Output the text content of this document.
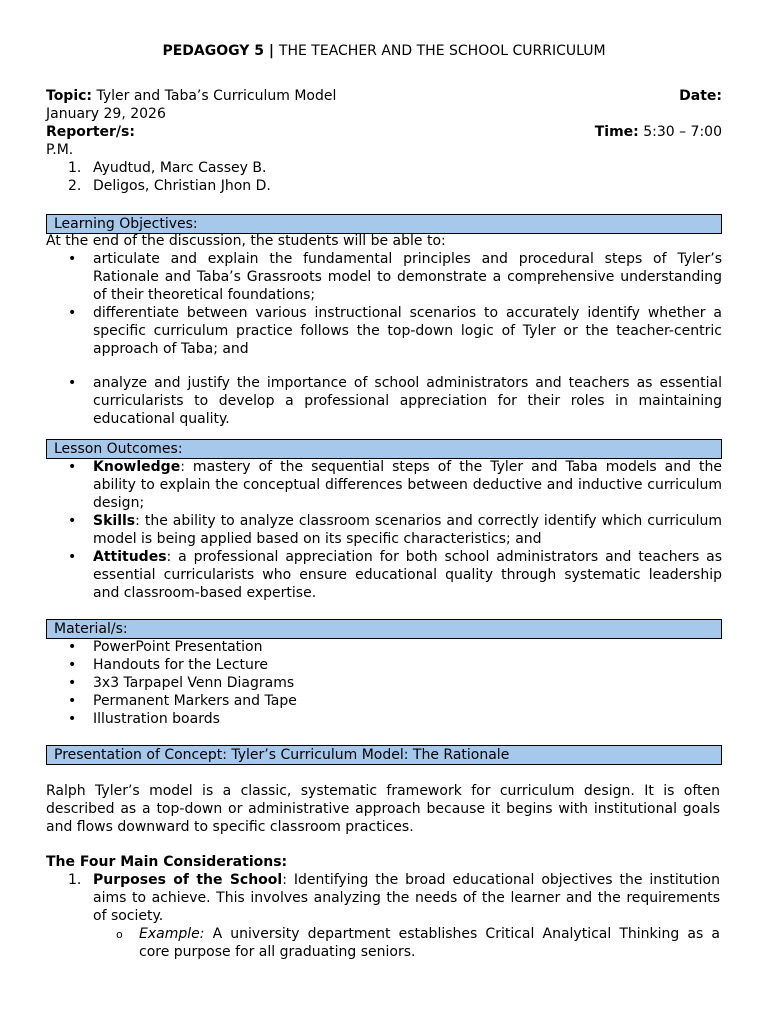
PEDAGOGY 5 | THE TEACHER AND THE SCHOOL CURRICULUM
Topic: Tyler and Taba’s Curriculum Model	Date:
January 29, 2026
Reporter/s:	Time: 5:30 – 7:00
P.M.
1. Ayudtud, Marc Cassey B.
2. Deligos, Christian Jhon D.
Learning Objectives:
At the end of the discussion, the students will be able to:
• articulate and explain the fundamental principles and procedural steps of Tyler’s Rationale and Taba’s Grassroots model to demonstrate a comprehensive understanding of their theoretical foundations;
• differentiate between various instructional scenarios to accurately identify whether a specific curriculum practice follows the top-down logic of Tyler or the teacher-centric approach of Taba; and
• analyze and justify the importance of school administrators and teachers as essential curricularists to develop a professional appreciation for their roles in maintaining educational quality.
Lesson Outcomes:
• Knowledge: mastery of the sequential steps of the Tyler and Taba models and the ability to explain the conceptual differences between deductive and inductive curriculum design;
• Skills: the ability to analyze classroom scenarios and correctly identify which curriculum model is being applied based on its specific characteristics; and
• Attitudes: a professional appreciation for both school administrators and teachers as essential curricularists who ensure educational quality through systematic leadership and classroom-based expertise.
Material/s:
• PowerPoint Presentation
• Handouts for the Lecture
• 3x3 Tarpapel Venn Diagrams
• Permanent Markers and Tape
• Illustration boards
Presentation of Concept: Tyler’s Curriculum Model: The Rationale
Ralph Tyler’s model is a classic, systematic framework for curriculum design. It is often described as a top-down or administrative approach because it begins with institutional goals and flows downward to specific classroom practices.
The Four Main Considerations:
1. Purposes of the School: Identifying the broad educational objectives the institution aims to achieve. This involves analyzing the needs of the learner and the requirements of society.
o Example: A university department establishes Critical Analytical Thinking as a core purpose for all graduating seniors.
